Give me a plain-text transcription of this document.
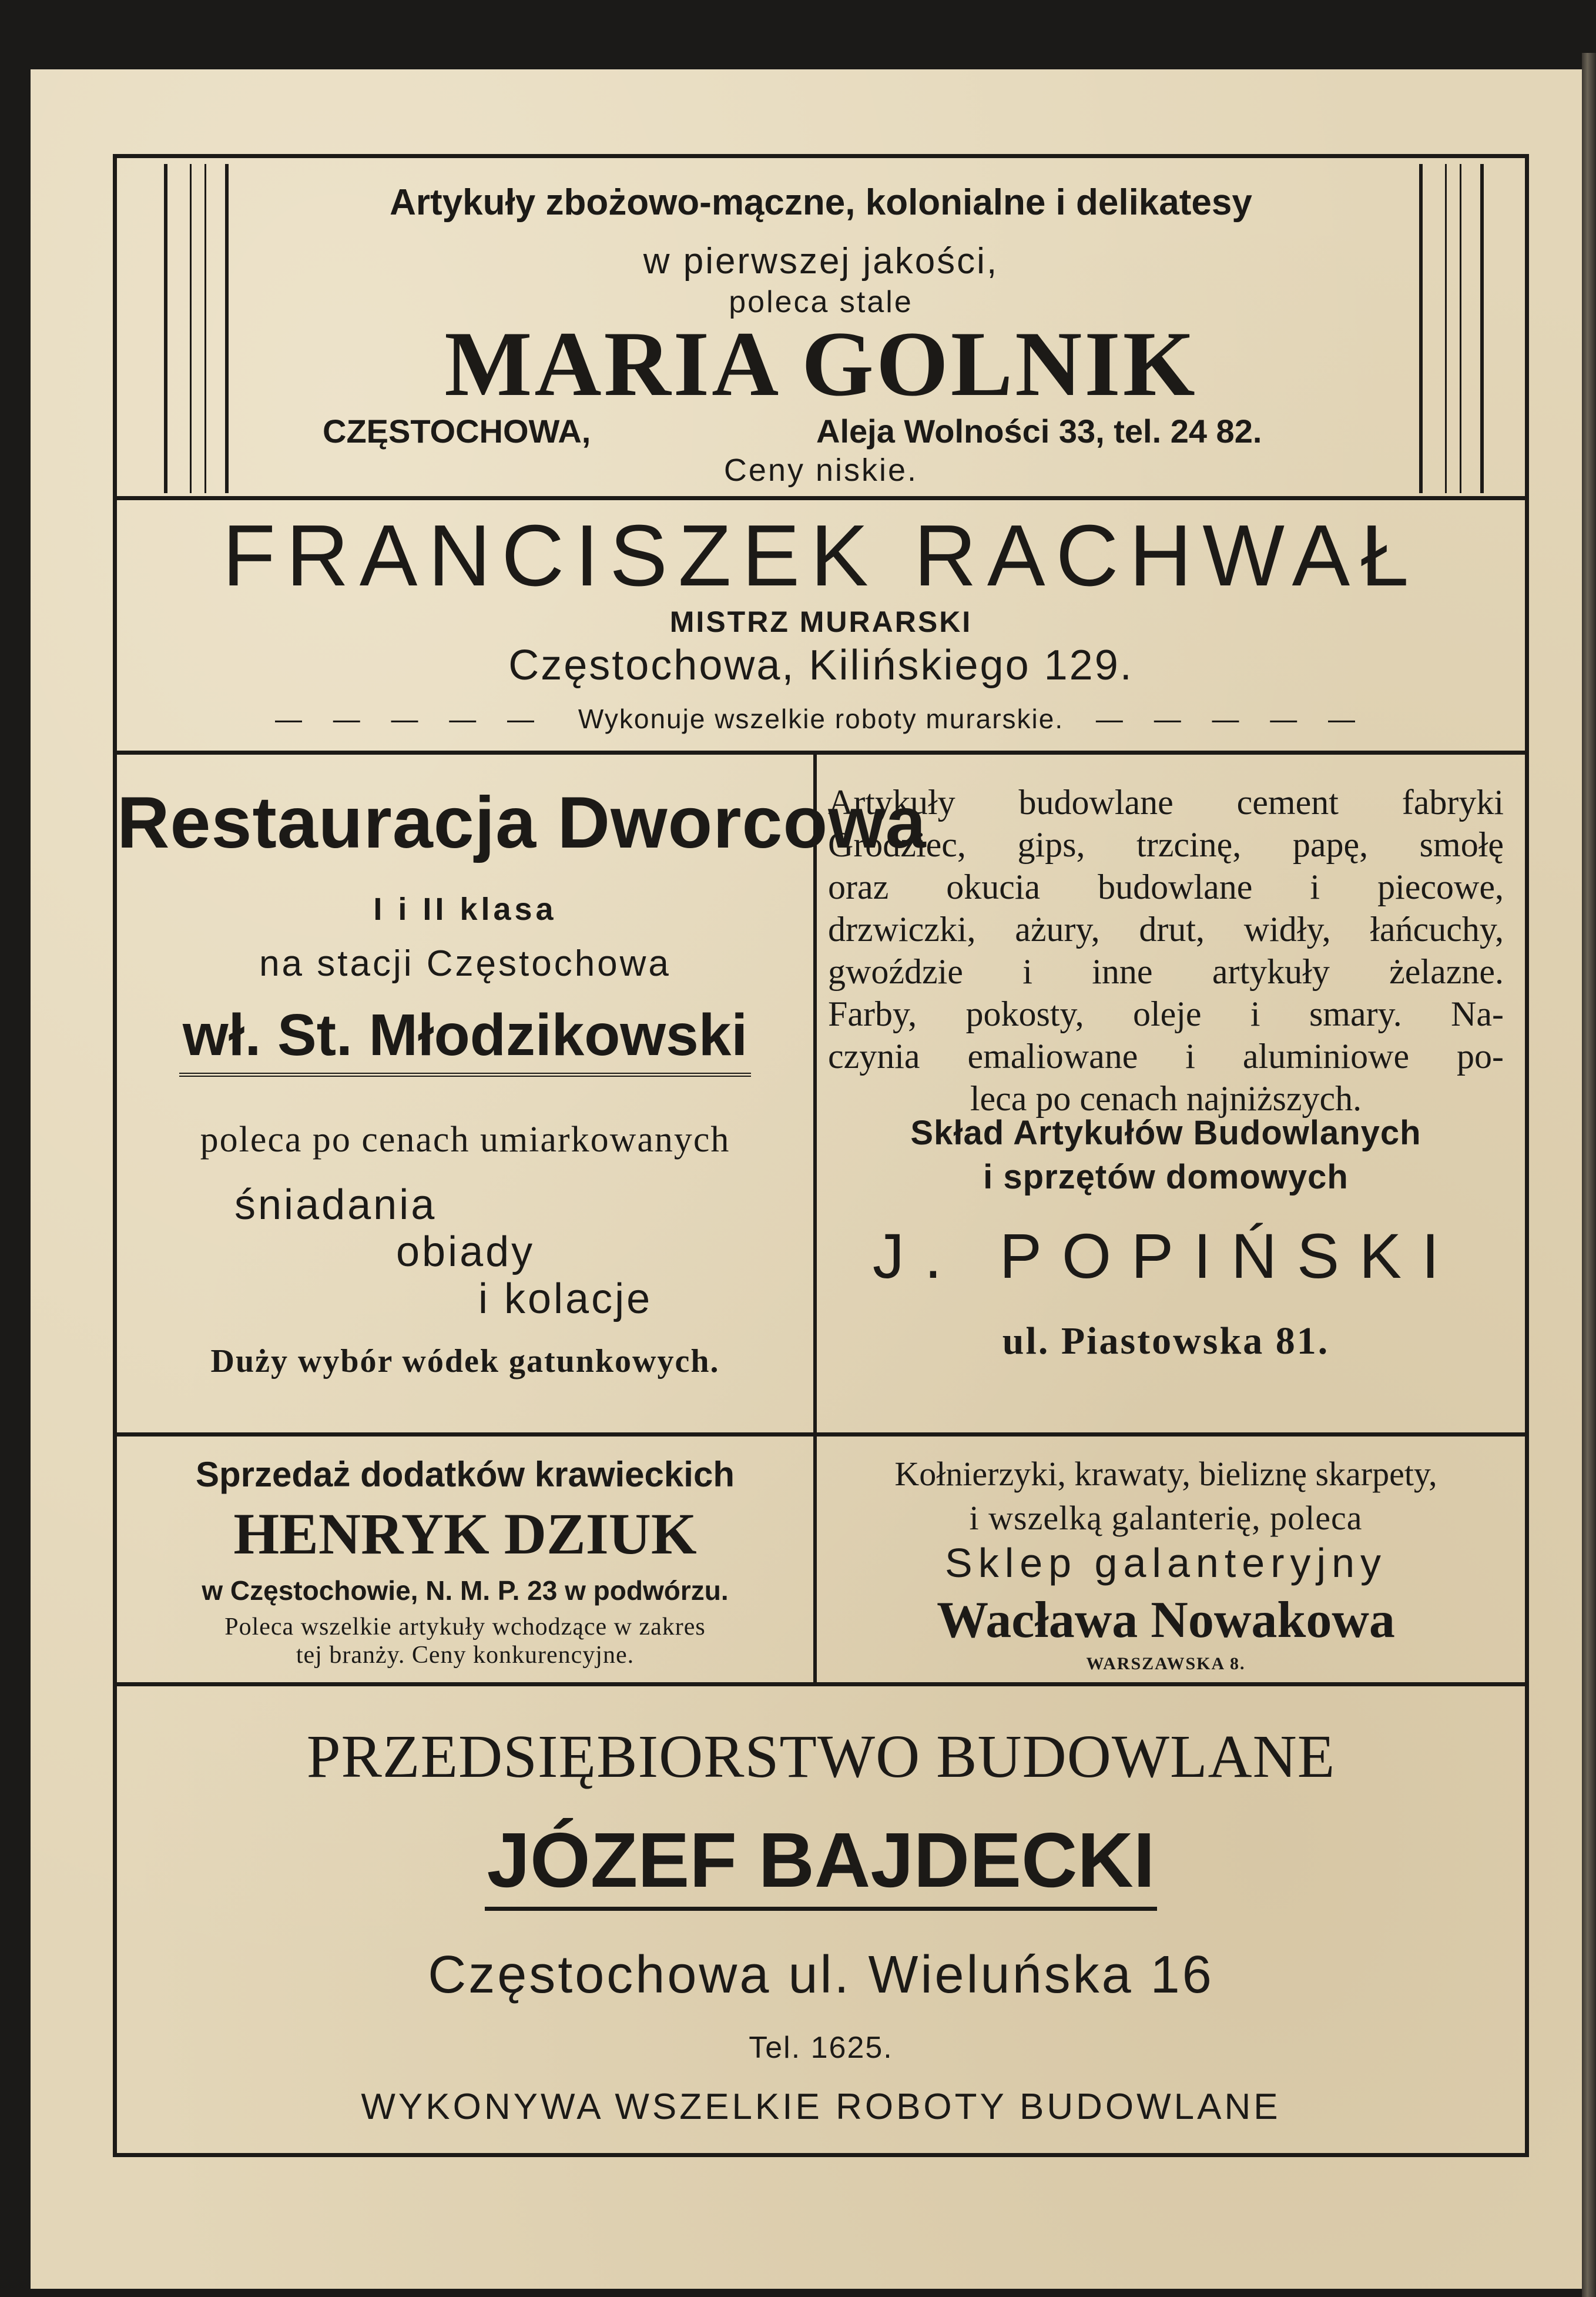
Artykuły zbożowo-mączne, kolonialne i delikatesy
w pierwszej jakości,
poleca stale
MARIA GOLNIK
CZĘSTOCHOWA,	Aleja Wolności 33, tel. 24 82.
Ceny niskie.
FRANCISZEK RACHWAŁ
MISTRZ MURARSKI
Częstochowa, Kilińskiego 129.
— — — — — Wykonuje wszelkie roboty murarskie. — — — — —
Restauracja Dworcowa
I i II klasa
na stacji Częstochowa
wł. St. Młodzikowski
poleca po cenach umiarkowanych
śniadania
obiady
i kolacje
Duży wybór wódek gatunkowych.
Artykuły budowlane cement fabryki
Grodziec, gips, trzcinę, papę, smołę
oraz okucia budowlane i piecowe,
drzwiczki, ażury, drut, widły, łańcuchy,
gwoździe i inne artykuły żelazne.
Farby, pokosty, oleje i smary. Na-
czynia emaliowane i aluminiowe po-
leca po cenach najniższych.
Skład Artykułów Budowlanych
i sprzętów domowych
J. POPIŃSKI
ul. Piastowska 81.
Sprzedaż dodatków krawieckich
HENRYK DZIUK
w Częstochowie, N. M. P. 23 w podwórzu.
Poleca wszelkie artykuły wchodzące w zakres
tej branży. Ceny konkurencyjne.
Kołnierzyki, krawaty, bieliznę skarpety,
i wszelką galanterię, poleca
Sklep galanteryjny
Wacława Nowakowa
WARSZAWSKA 8.
PRZEDSIĘBIORSTWO BUDOWLANE
JÓZEF BAJDECKI
Częstochowa ul. Wieluńska 16
Tel. 1625.
WYKONYWA WSZELKIE ROBOTY BUDOWLANE
